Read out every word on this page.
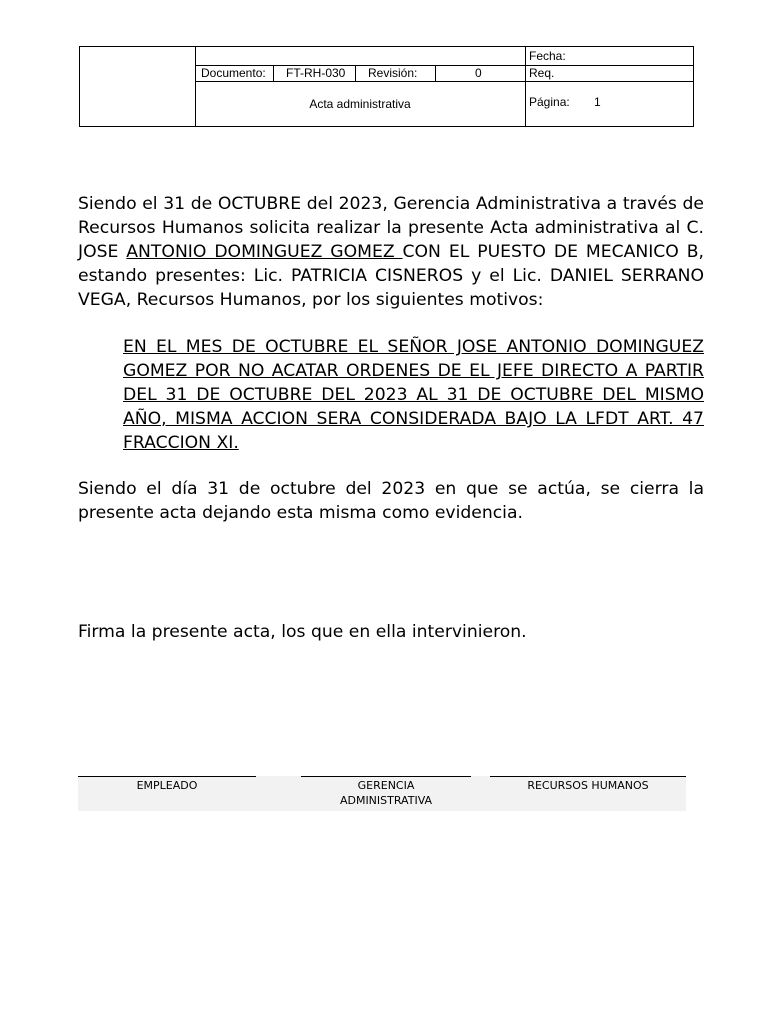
Documento: FT-RH-030 Revisión:	0
Acta administrativa
Fecha:
Req.
Página: 1

Siendo el 31 de OCTUBRE del 2023, Gerencia Administrativa a través de Recursos Humanos solicita realizar la presente Acta administrativa al C. JOSE ANTONIO DOMINGUEZ GOMEZ CON EL PUESTO DE MECANICO B, estando presentes: Lic. PATRICIA CISNEROS y el Lic. DANIEL SERRANO VEGA, Recursos Humanos, por los siguientes motivos:

EN EL MES DE OCTUBRE EL SEÑOR JOSE ANTONIO DOMINGUEZ GOMEZ POR NO ACATAR ORDENES DE EL JEFE DIRECTO A PARTIR DEL 31 DE OCTUBRE DEL 2023 AL 31 DE OCTUBRE DEL MISMO AÑO, MISMA ACCION SERA CONSIDERADA BAJO LA LFDT ART. 47 FRACCION XI.

Siendo el día 31 de octubre del 2023 en que se actúa, se cierra la presente acta dejando esta misma como evidencia.

Firma la presente acta, los que en ella intervinieron.

EMPLEADO	GERENCIA
ADMINISTRATIVA
RECURSOS HUMANOS
